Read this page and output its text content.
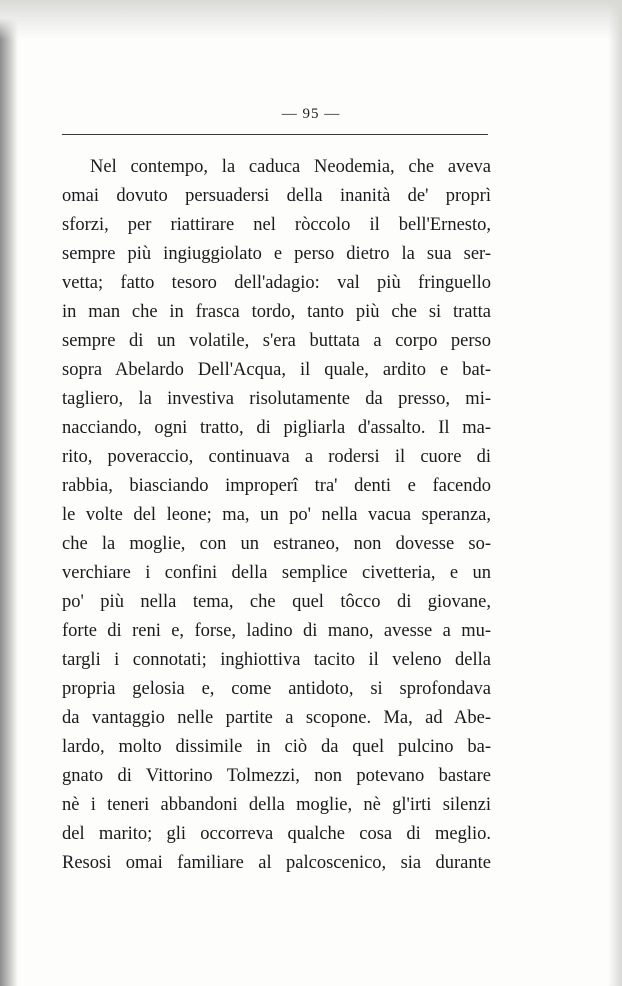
— 95 —
Nel contempo, la caduca Neodemia, che aveva
omai dovuto persuadersi della inanità de' proprì
sforzi, per riattirare nel ròccolo il bell'Ernesto,
sempre più ingiuggiolato e perso dietro la sua ser-
vetta; fatto tesoro dell'adagio: val più fringuello
in man che in frasca tordo, tanto più che si tratta
sempre di un volatile, s'era buttata a corpo perso
sopra Abelardo Dell'Acqua, il quale, ardito e bat-
tagliero, la investiva risolutamente da presso, mi-
nacciando, ogni tratto, di pigliarla d'assalto. Il ma-
rito, poveraccio, continuava a rodersi il cuore di
rabbia, biasciando improperî tra' denti e facendo
le volte del leone; ma, un po' nella vacua speranza,
che la moglie, con un estraneo, non dovesse so-
verchiare i confini della semplice civetteria, e un
po' più nella tema, che quel tôcco di giovane,
forte di reni e, forse, ladino di mano, avesse a mu-
targli i connotati; inghiottiva tacito il veleno della
propria gelosia e, come antidoto, si sprofondava
da vantaggio nelle partite a scopone. Ma, ad Abe-
lardo, molto dissimile in ciò da quel pulcino ba-
gnato di Vittorino Tolmezzi, non potevano bastare
nè i teneri abbandoni della moglie, nè gl'irti silenzi
del marito; gli occorreva qualche cosa di meglio.
Resosi omai familiare al palcoscenico, sia durante
